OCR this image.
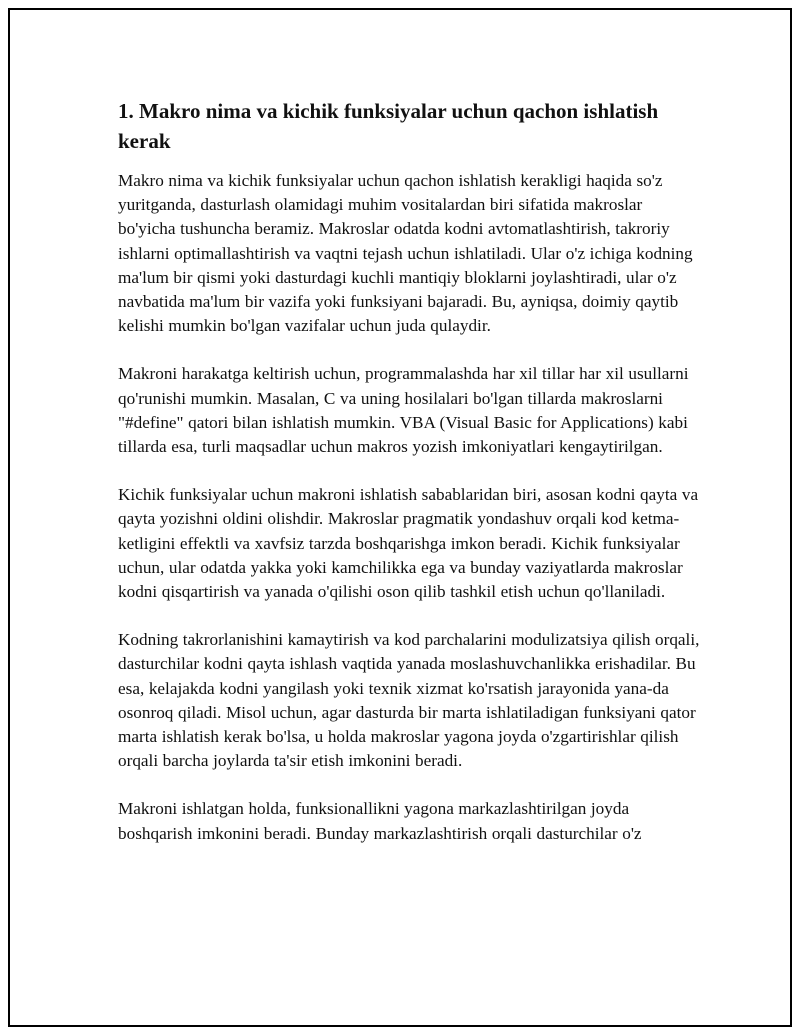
1. Makro nima va kichik funksiyalar uchun qachon ishlatish kerak

Makro nima va kichik funksiyalar uchun qachon ishlatish kerakligi haqida so'z yuritganda, dasturlash olamidagi muhim vositalardan biri sifatida makroslar bo'yicha tushuncha beramiz. Makroslar odatda kodni avtomatlashtirish, takroriy ishlarni optimallashtirish va vaqtni tejash uchun ishlatiladi. Ular o'z ichiga kodning ma'lum bir qismi yoki dasturdagi kuchli mantiqiy bloklarni joylashtiradi, ular o'z navbatida ma'lum bir vazifa yoki funksiyani bajaradi. Bu, ayniqsa, doimiy qaytib kelishi mumkin bo'lgan vazifalar uchun juda qulaydir.

Makroni harakatga keltirish uchun, programmalashda har xil tillar har xil usullarni qo'runishi mumkin. Masalan, C va uning hosilalari bo'lgan tillarda makroslarni "#define" qatori bilan ishlatish mumkin. VBA (Visual Basic for Applications) kabi tillarda esa, turli maqsadlar uchun makros yozish imkoniyatlari kengaytirilgan.

Kichik funksiyalar uchun makroni ishlatish sabablaridan biri, asosan kodni qayta va qayta yozishni oldini olishdir. Makroslar pragmatik yondashuv orqali kod ketma-ketligini effektli va xavfsiz tarzda boshqarishga imkon beradi. Kichik funksiyalar uchun, ular odatda yakka yoki kamchilikka ega va bunday vaziyatlarda makroslar kodni qisqartirish va yanada o'qilishi oson qilib tashkil etish uchun qo'llaniladi.

Kodning takrorlanishini kamaytirish va kod parchalarini modulizatsiya qilish orqali, dasturchilar kodni qayta ishlash vaqtida yanada moslashuvchanlikka erishadilar. Bu esa, kelajakda kodni yangilash yoki texnik xizmat ko'rsatish jarayonida yana-da osonroq qiladi. Misol uchun, agar dasturda bir marta ishlatiladigan funksiyani qator marta ishlatish kerak bo'lsa, u holda makroslar yagona joyda o'zgartirishlar qilish orqali barcha joylarda ta'sir etish imkonini beradi.

Makroni ishlatgan holda, funksionallikni yagona markazlashtirilgan joyda boshqarish imkonini beradi. Bunday markazlashtirish orqali dasturchilar o'z
